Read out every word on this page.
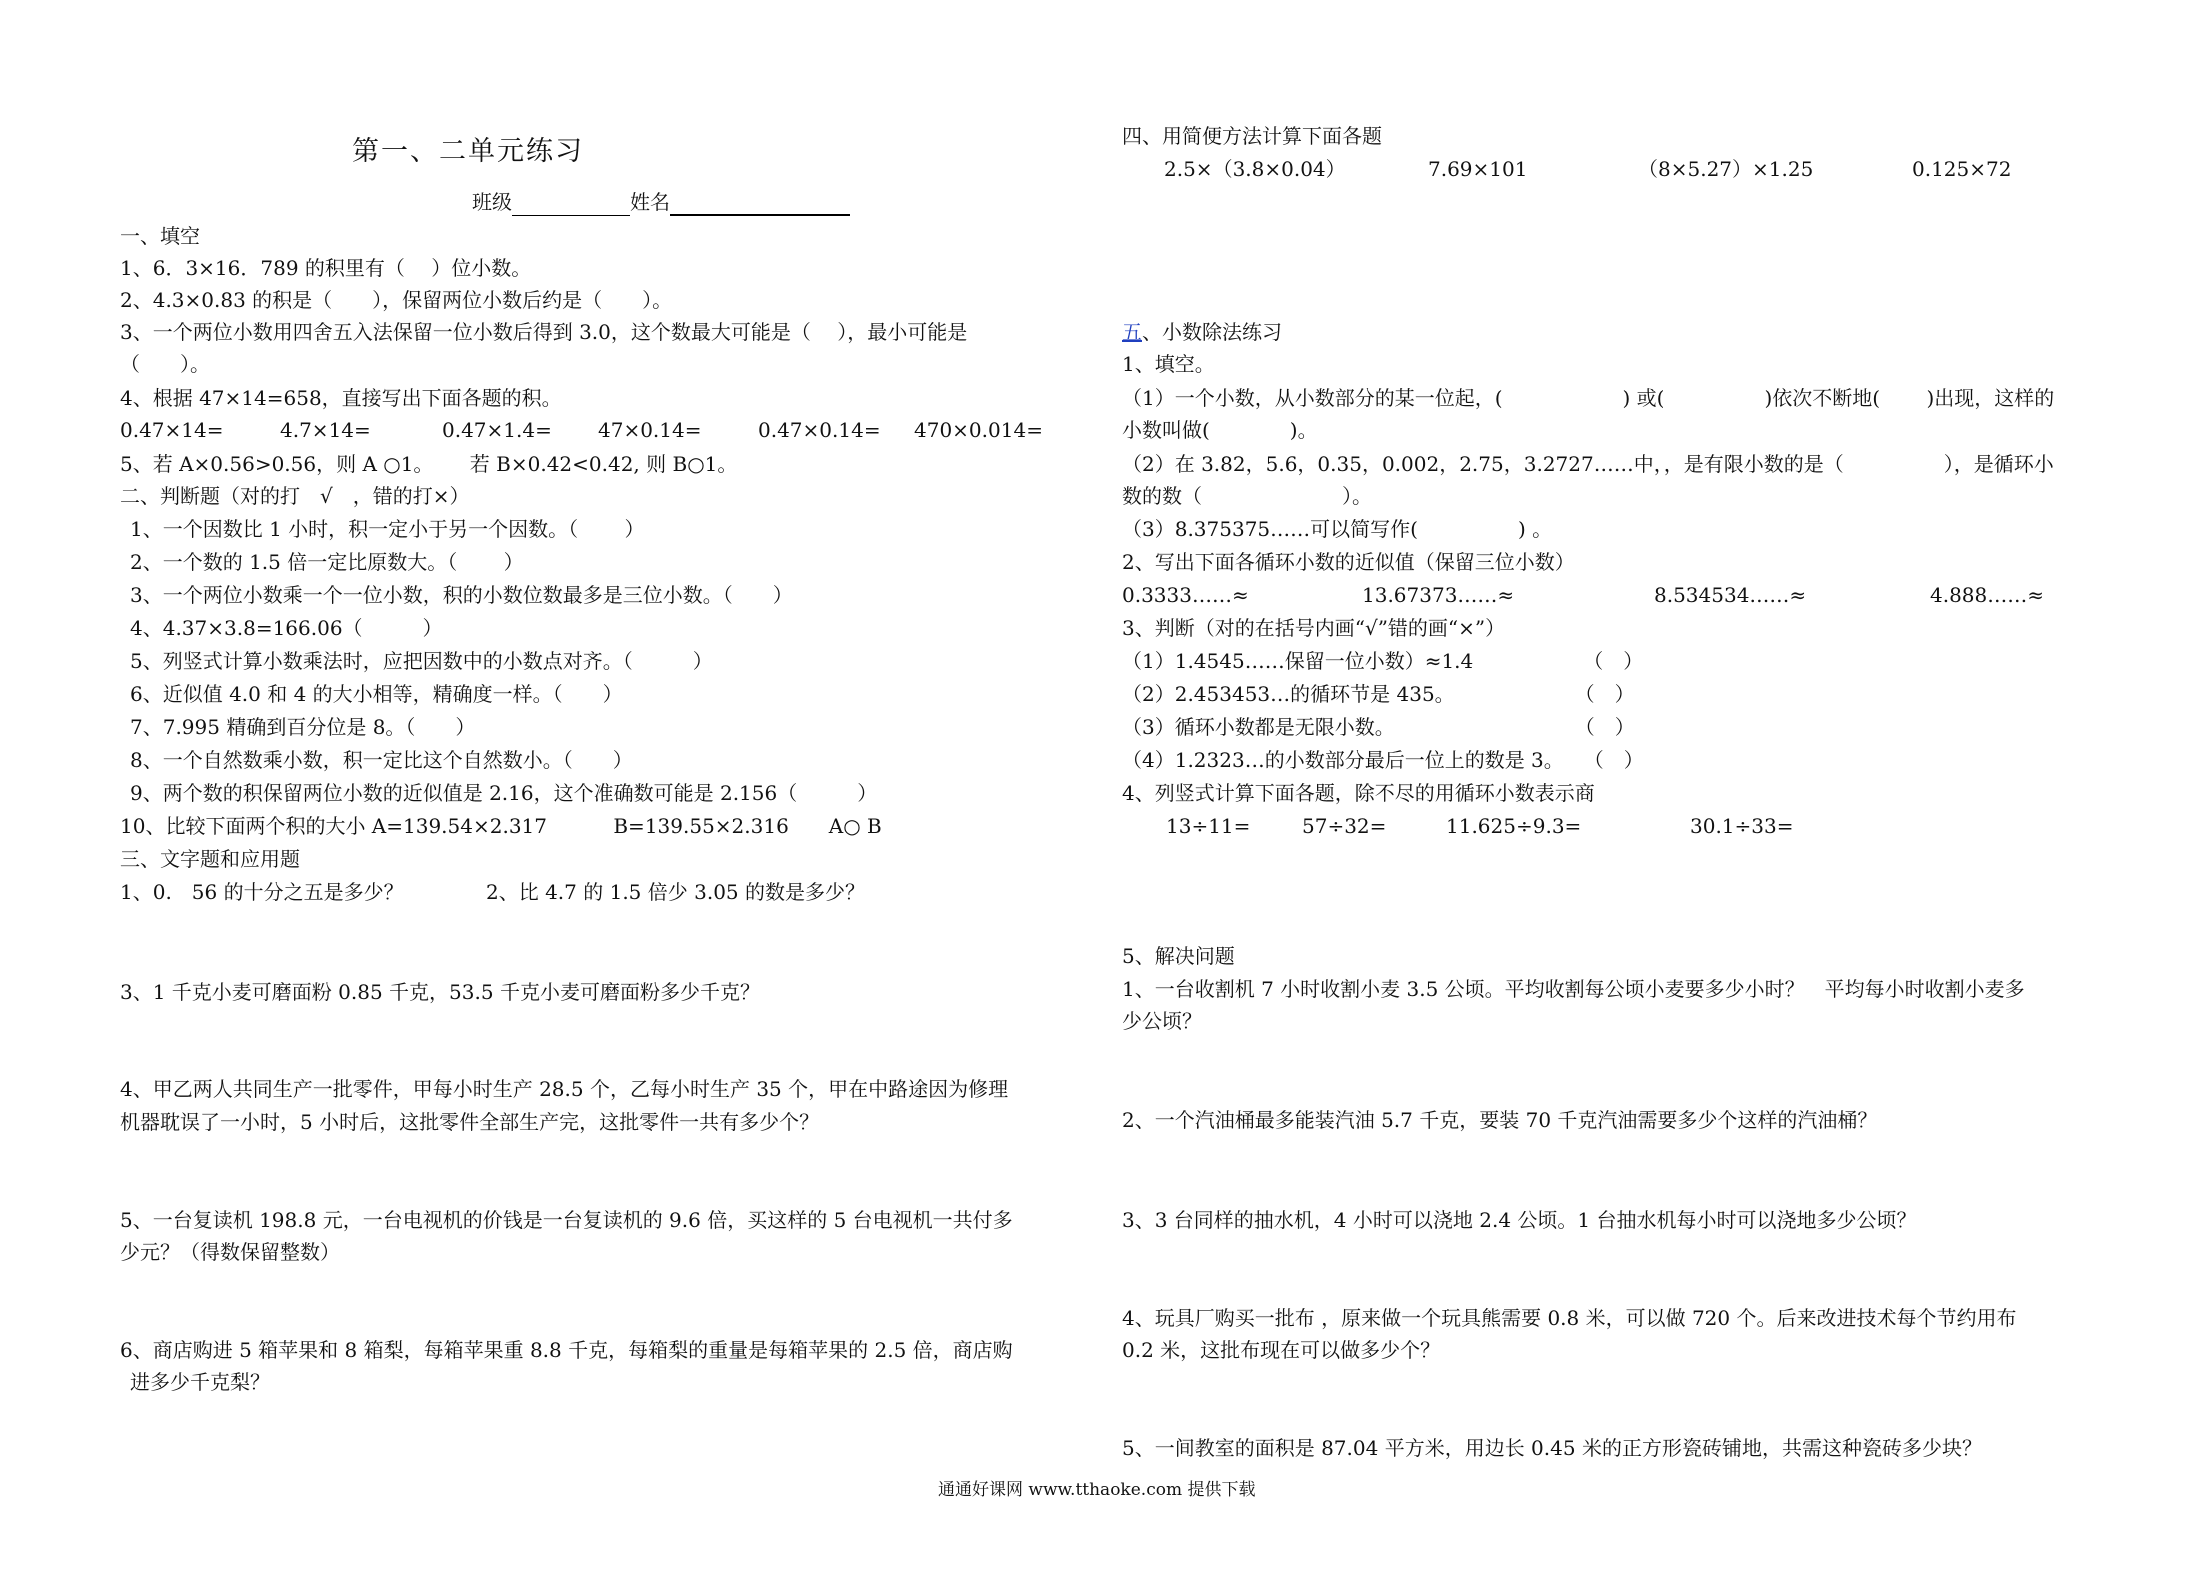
第一、二单元练习
班级	姓名
一、填空
1、6．3×16．789 的积里有（　 ）位小数。
2、4.3×0.83 的积是（　　），保留两位小数后约是（　　）。
3、一个两位小数用四舍五入法保留一位小数后得到 3.0，这个数最大可能是（　 ），最小可能是
（　　）。
4、根据 47×14=658，直接写出下面各题的积。
0.47×14=	4.7×14=	0.47×1.4= 47×0.14=	0.47×0.14= 470×0.014=
5、若 A×0.56>0.56，则 A ○1。　　 若 B×0.42<0.42, 则 B○1。
二、判断题（对的打　√　，错的打×）
1、一个因数比 1 小时，积一定小于另一个因数。（　　 ）
2、一个数的 1.5 倍一定比原数大。（　　 ）
3、一个两位小数乘一个一位小数，积的小数位数最多是三位小数。（　　）
4、4.37×3.8=166.06（　　　）
5、列竖式计算小数乘法时，应把因数中的小数点对齐。（　　　）
6、近似值 4.0 和 4 的大小相等，精确度一样。（　　）
7、7.995 精确到百分位是 8。（　　）
8、一个自然数乘小数，积一定比这个自然数小。（　　）
9、两个数的积保留两位小数的近似值是 2.16，这个准确数可能是 2.156（　　　）
10、比较下面两个积的大小 A=139.54×2.317　　　 B=139.55×2.316　　A○ B
三、文字题和应用题
1、0.　56 的十分之五是多少？	2、比 4.7 的 1.5 倍少 3.05 的数是多少？
3、1 千克小麦可磨面粉 0.85 千克，53.5 千克小麦可磨面粉多少千克？
4、甲乙两人共同生产一批零件，甲每小时生产 28.5 个，乙每小时生产 35 个，甲在中路途因为修理
机器耽误了一小时，5 小时后，这批零件全部生产完，这批零件一共有多少个？
5、一台复读机 198.8 元，一台电视机的价钱是一台复读机的 9.6 倍，买这样的 5 台电视机一共付多
少元？（得数保留整数）
6、商店购进 5 箱苹果和 8 箱梨，每箱苹果重 8.8 千克，每箱梨的重量是每箱苹果的 2.5 倍，商店购
进多少千克梨？
四、用简便方法计算下面各题
2.5×（3.8×0.04）	7.69×101	（8×5.27）×1.25	0.125×72
五、小数除法练习
1、填空。
（1）一个小数，从小数部分的某一位起，(　　　　　　) 或(　　　　　)依次不断地(　　 )出现，这样的
小数叫做(　　　　)。
（2）在 3.82，5.6，0.35，0.002，2.75，3.2727……中，，是有限小数的是（　　　　　），是循环小
数的数（　　　　　　　）。
（3）8.375375……可以简写作(　　　　　) 。
2、写出下面各循环小数的近似值（保留三位小数）
0.3333……≈	13.67373……≈	8.534534……≈	4.888……≈
3、判断（对的在括号内画“√”错的画“×”）
（1）1.4545……保留一位小数）≈1.4　　　　　　（　）
（2）2.453453…的循环节是 435。　　　　　　　（　）
（3）循环小数都是无限小数。　　　　　　　　　　（　）
（4）1.2323…的小数部分最后一位上的数是 3。　　（　）
4、列竖式计算下面各题，除不尽的用循环小数表示商
13÷11=	57÷32=	11.625÷9.3=	30.1÷33=
5、解决问题
1、一台收割机 7 小时收割小麦 3.5 公顷。平均收割每公顷小麦要多少小时？　平均每小时收割小麦多
少公顷？
2、一个汽油桶最多能装汽油 5.7 千克，要装 70 千克汽油需要多少个这样的汽油桶？
3、3 台同样的抽水机，4 小时可以浇地 2.4 公顷。1 台抽水机每小时可以浇地多少公顷？
4、玩具厂购买一批布 ，原来做一个玩具熊需要 0.8 米，可以做 720 个。后来改进技术每个节约用布
0.2 米，这批布现在可以做多少个？
5、一间教室的面积是 87.04 平方米，用边长 0.45 米的正方形瓷砖铺地，共需这种瓷砖多少块？
通通好课网 www.tthaoke.com 提供下载
